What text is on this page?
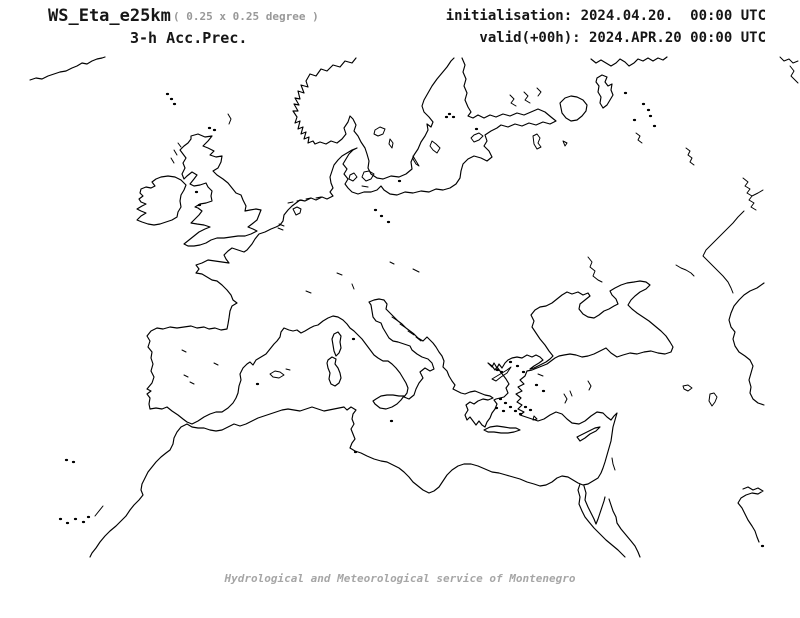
WS_Eta_e25km ( 0.25 x 0.25 degree )
3-h Acc.Prec.
initialisation: 2024.04.20.  00:00 UTC
valid(+00h): 2024.APR.20 00:00 UTC
Hydrological and Meteorological service of Montenegro
